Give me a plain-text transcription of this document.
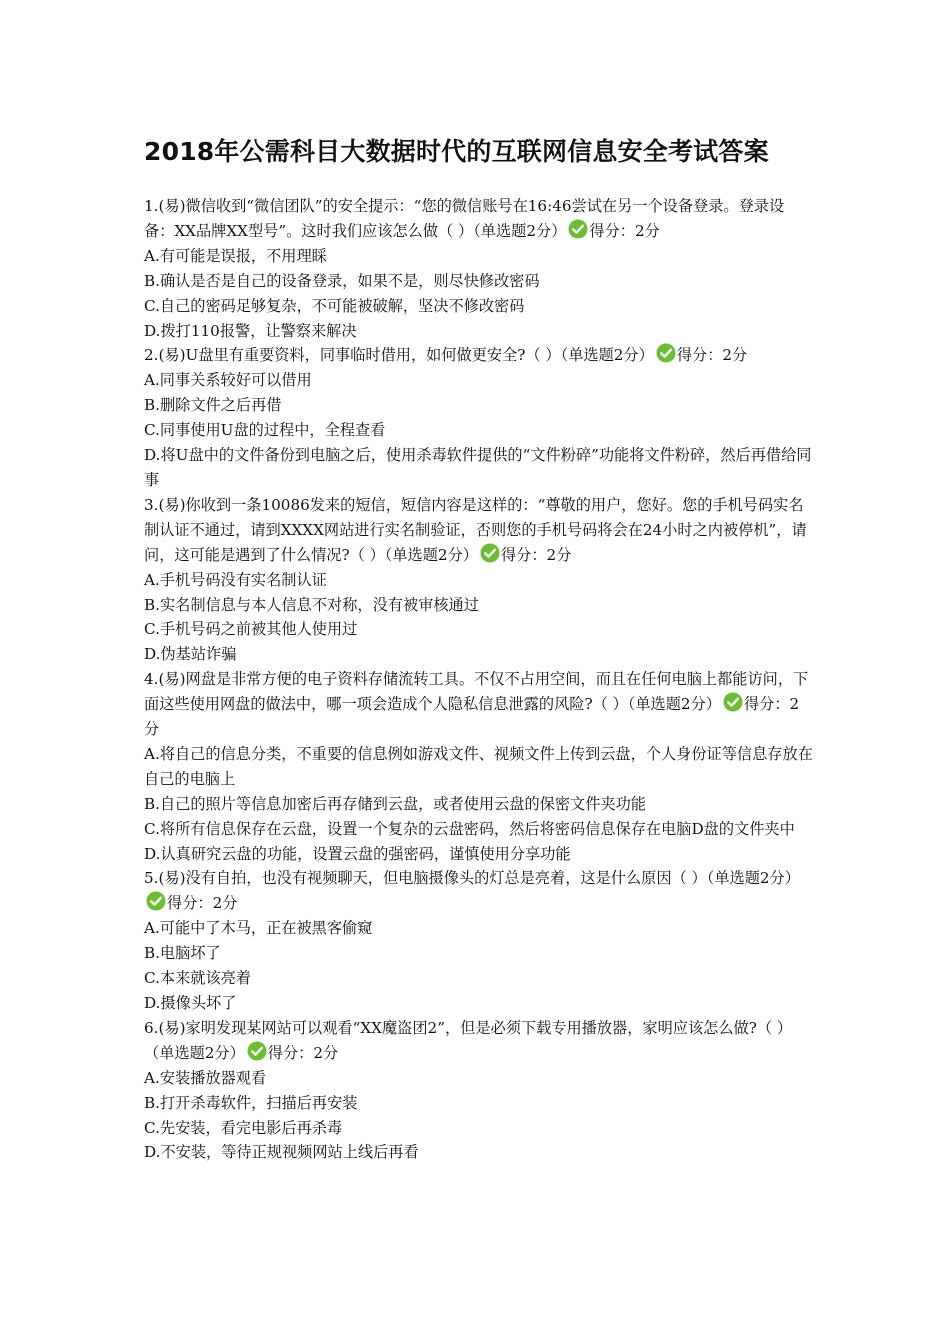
2018年公需科目大数据时代的互联网信息安全考试答案

1.(易)微信收到“微信团队”的安全提示：“您的微信账号在16:46尝试在另一个设备登录。登录设备：XX品牌XX型号”。这时我们应该怎么做（ ）（单选题2分） 得分：2分

A.有可能是误报，不用理睬

B.确认是否是自己的设备登录，如果不是，则尽快修改密码

C.自己的密码足够复杂，不可能被破解，坚决不修改密码

D.拨打110报警，让警察来解决

2.(易)U盘里有重要资料，同事临时借用，如何做更安全?（ ）（单选题2分） 得分：2分

A.同事关系较好可以借用

B.删除文件之后再借

C.同事使用U盘的过程中，全程查看

D.将U盘中的文件备份到电脑之后，使用杀毒软件提供的“文件粉碎”功能将文件粉碎，然后再借给同事

3.(易)你收到一条10086发来的短信，短信内容是这样的：“尊敬的用户，您好。您的手机号码实名制认证不通过，请到XXXX网站进行实名制验证，否则您的手机号码将会在24小时之内被停机”，请问，这可能是遇到了什么情况?（ ）（单选题2分） 得分：2分

A.手机号码没有实名制认证

B.实名制信息与本人信息不对称，没有被审核通过

C.手机号码之前被其他人使用过

D.伪基站诈骗

4.(易)网盘是非常方便的电子资料存储流转工具。不仅不占用空间，而且在任何电脑上都能访问，下面这些使用网盘的做法中，哪一项会造成个人隐私信息泄露的风险?（ ）（单选题2分） 得分：2分

A.将自己的信息分类，不重要的信息例如游戏文件、视频文件上传到云盘，个人身份证等信息存放在自己的电脑上

B.自己的照片等信息加密后再存储到云盘，或者使用云盘的保密文件夹功能

C.将所有信息保存在云盘，设置一个复杂的云盘密码，然后将密码信息保存在电脑D盘的文件夹中

D.认真研究云盘的功能，设置云盘的强密码，谨慎使用分享功能

5.(易)没有自拍，也没有视频聊天，但电脑摄像头的灯总是亮着，这是什么原因（ ）（单选题2分）得分：2分

A.可能中了木马，正在被黑客偷窥

B.电脑坏了

C.本来就该亮着

D.摄像头坏了

6.(易)家明发现某网站可以观看“XX魔盗团2”，但是必须下载专用播放器，家明应该怎么做?（ ）（单选题2分） 得分：2分

A.安装播放器观看

B.打开杀毒软件，扫描后再安装

C.先安装，看完电影后再杀毒

D.不安装，等待正规视频网站上线后再看
